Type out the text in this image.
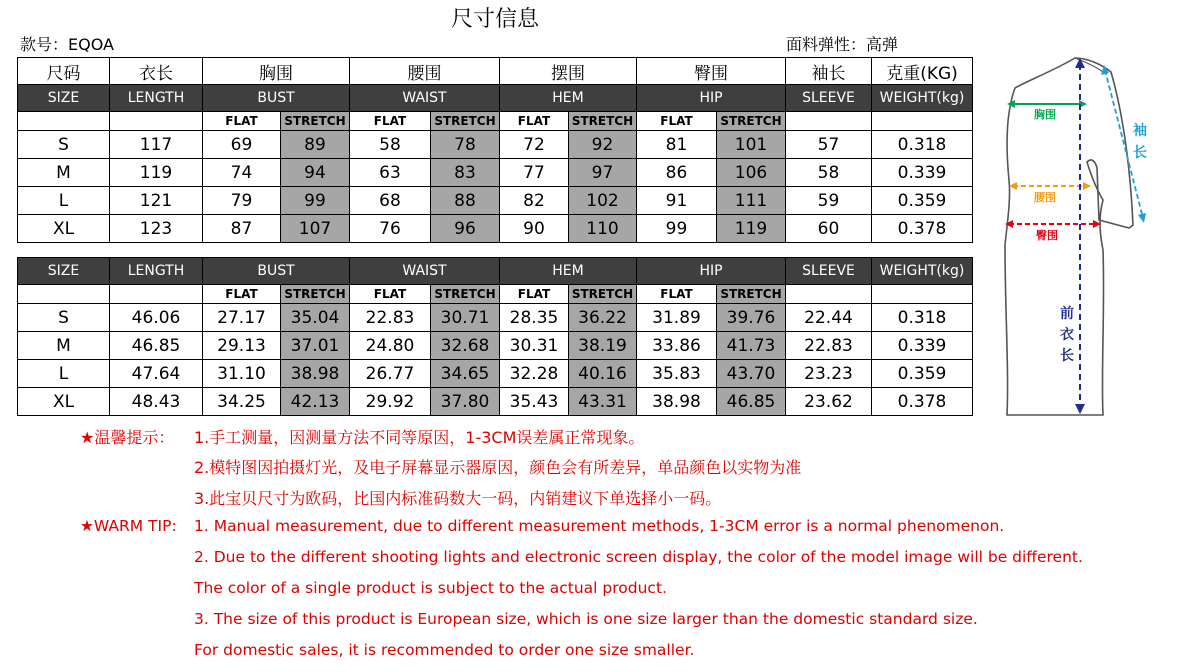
尺寸信息
款号：EQOA	面料弹性：高弹
尺码	衣长	胸围		腰围		摆围		臀围		袖长	克重(KG)
SIZE	LENGTH	BUST		WAIST		HEM		HIP		SLEEVE	WEIGHT(kg)
		FLAT	STRETCH	FLAT	STRETCH	FLAT	STRETCH	FLAT	STRETCH		
S	117	69	89	58	78	72	92	81	101	57	0.318
M	119	74	94	63	83	77	97	86	106	58	0.339
L	121	79	99	68	88	82	102	91	111	59	0.359
XL	123	87	107	76	96	90	110	99	119	60	0.378
SIZE	LENGTH	BUST		WAIST		HEM		HIP		SLEEVE	WEIGHT(kg)
		FLAT	STRETCH	FLAT	STRETCH	FLAT	STRETCH	FLAT	STRETCH		
S	46.06	27.17	35.04	22.83	30.71	28.35	36.22	31.89	39.76	22.44	0.318
M	46.85	29.13	37.01	24.80	32.68	30.31	38.19	33.86	41.73	22.83	0.339
L	47.64	31.10	38.98	26.77	34.65	32.28	40.16	35.83	43.70	23.23	0.359
XL	48.43	34.25	42.13	29.92	37.80	35.43	43.31	38.98	46.85	23.62	0.378
★温馨提示： 1.手工测量，因测量方法不同等原因，1-3CM误差属正常现象。
2.模特图因拍摄灯光，及电子屏幕显示器原因，颜色会有所差异，单品颜色以实物为准
3.此宝贝尺寸为欧码，比国内标准码数大一码，内销建议下单选择小一码。
★WARM TIP: 1. Manual measurement, due to different measurement methods, 1-3CM error is a normal phenomenon.
2. Due to the different shooting lights and electronic screen display, the color of the model image will be different.
The color of a single product is subject to the actual product.
3. The size of this product is European size, which is one size larger than the domestic standard size.
For domestic sales, it is recommended to order one size smaller.
胸围
腰围
臀围
袖
长
前
衣
长
